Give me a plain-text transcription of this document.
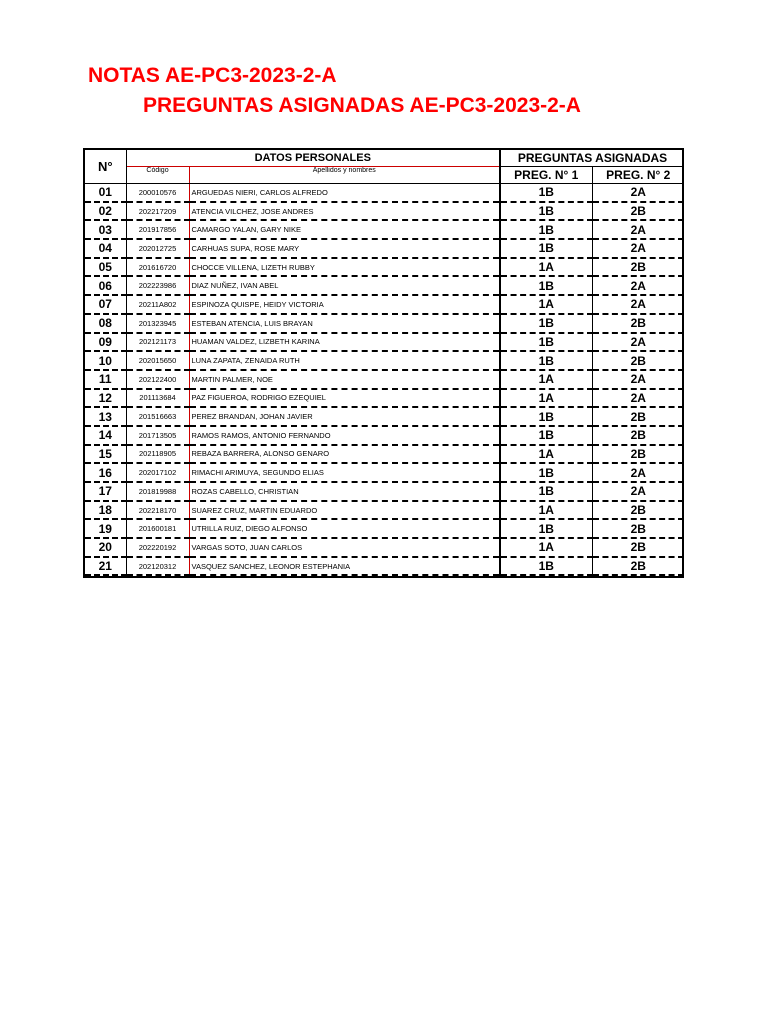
NOTAS AE-PC3-2023-2-A
PREGUNTAS ASIGNADAS AE-PC3-2023-2-A
N°	DATOS PERSONALES		PREGUNTAS ASIGNADAS	
	Código	Apellidos y nombres	PREG. N° 1	PREG. N° 2
01	200010576	ARGUEDAS NIERI, CARLOS ALFREDO	1B	2A
02	202217209	ATENCIA VILCHEZ, JOSE ANDRES	1B	2B
03	201917856	CAMARGO YALAN, GARY NIKE	1B	2A
04	202012725	CARHUAS SUPA, ROSE MARY	1B	2A
05	201616720	CHOCCE VILLENA, LIZETH RUBBY	1A	2B
06	202223986	DIAZ NUÑEZ, IVAN ABEL	1B	2A
07	20211A802	ESPINOZA QUISPE, HEIDY VICTORIA	1A	2A
08	201323945	ESTEBAN ATENCIA, LUIS BRAYAN	1B	2B
09	202121173	HUAMAN VALDEZ, LIZBETH KARINA	1B	2A
10	202015650	LUNA ZAPATA, ZENAIDA RUTH	1B	2B
11	202122400	MARTIN PALMER, NOE	1A	2A
12	201113684	PAZ FIGUEROA, RODRIGO EZEQUIEL	1A	2A
13	201516663	PEREZ BRANDAN, JOHAN JAVIER	1B	2B
14	201713505	RAMOS RAMOS, ANTONIO FERNANDO	1B	2B
15	202118905	REBAZA BARRERA, ALONSO GENARO	1A	2B
16	202017102	RIMACHI ARIMUYA, SEGUNDO ELIAS	1B	2A
17	201819988	ROZAS CABELLO, CHRISTIAN	1B	2A
18	202218170	SUAREZ CRUZ, MARTIN EDUARDO	1A	2B
19	201600181	UTRILLA RUIZ, DIEGO ALFONSO	1B	2B
20	202220192	VARGAS SOTO, JUAN CARLOS	1A	2B
21	202120312	VASQUEZ SANCHEZ, LEONOR ESTEPHANIA	1B	2B
